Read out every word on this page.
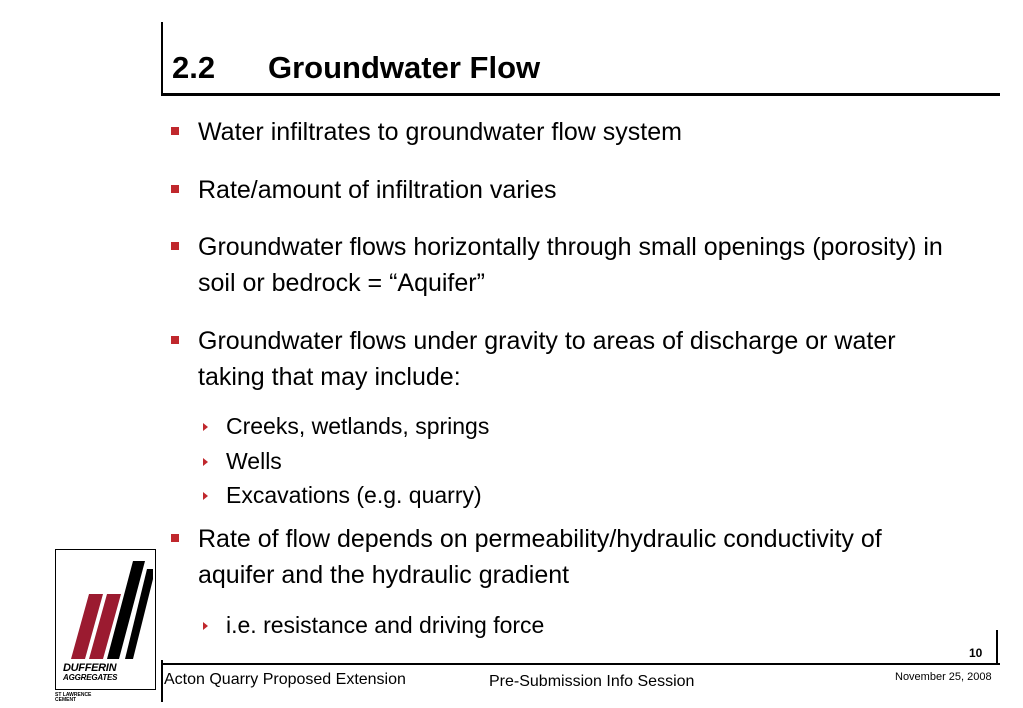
2.2 Groundwater Flow
Water infiltrates to groundwater flow system
Rate/amount of infiltration varies
Groundwater flows horizontally through small openings (porosity) in soil or bedrock = “Aquifer”
Groundwater flows under gravity to areas of discharge or water taking that may include:
Creeks, wetlands, springs
Wells
Excavations (e.g. quarry)
Rate of flow depends on permeability/hydraulic conductivity of aquifer and the hydraulic gradient
i.e. resistance and driving force
DUFFERIN
AGGREGATES
ST LAWRENCE
CEMENT
10
Acton Quarry Proposed Extension	Pre-Submission Info Session	November 25, 2008
